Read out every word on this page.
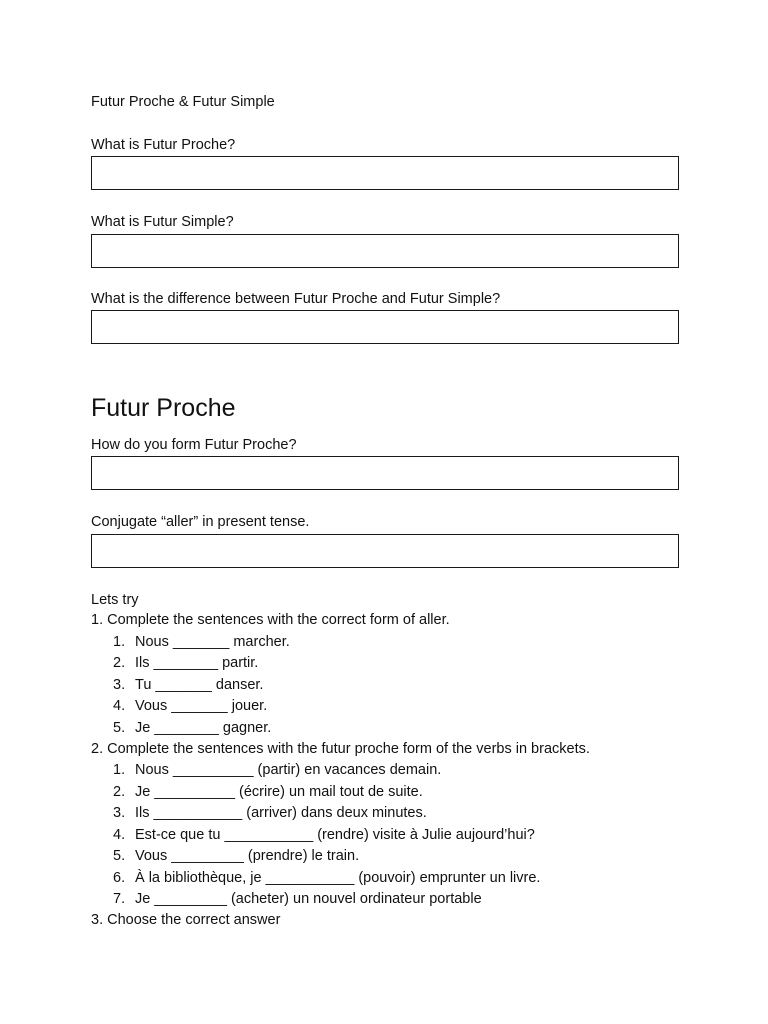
Futur Proche & Futur Simple
What is Futur Proche?
What is Futur Simple?
What is the difference between Futur Proche and Futur Simple?
Futur Proche
How do you form Futur Proche?
Conjugate “aller” in present tense.
Lets try
1. Complete the sentences with the correct form of aller.
1. Nous _______ marcher.
2. Ils ________ partir.
3. Tu _______ danser.
4. Vous _______ jouer.
5. Je ________ gagner.
2. Complete the sentences with the futur proche form of the verbs in brackets.
1. Nous __________ (partir) en vacances demain.
2. Je __________ (écrire) un mail tout de suite.
3. Ils ___________ (arriver) dans deux minutes.
4. Est-ce que tu ___________ (rendre) visite à Julie aujourd’hui?
5. Vous _________ (prendre) le train.
6. À la bibliothèque, je ___________ (pouvoir) emprunter un livre.
7. Je _________ (acheter) un nouvel ordinateur portable
3. Choose the correct answer
